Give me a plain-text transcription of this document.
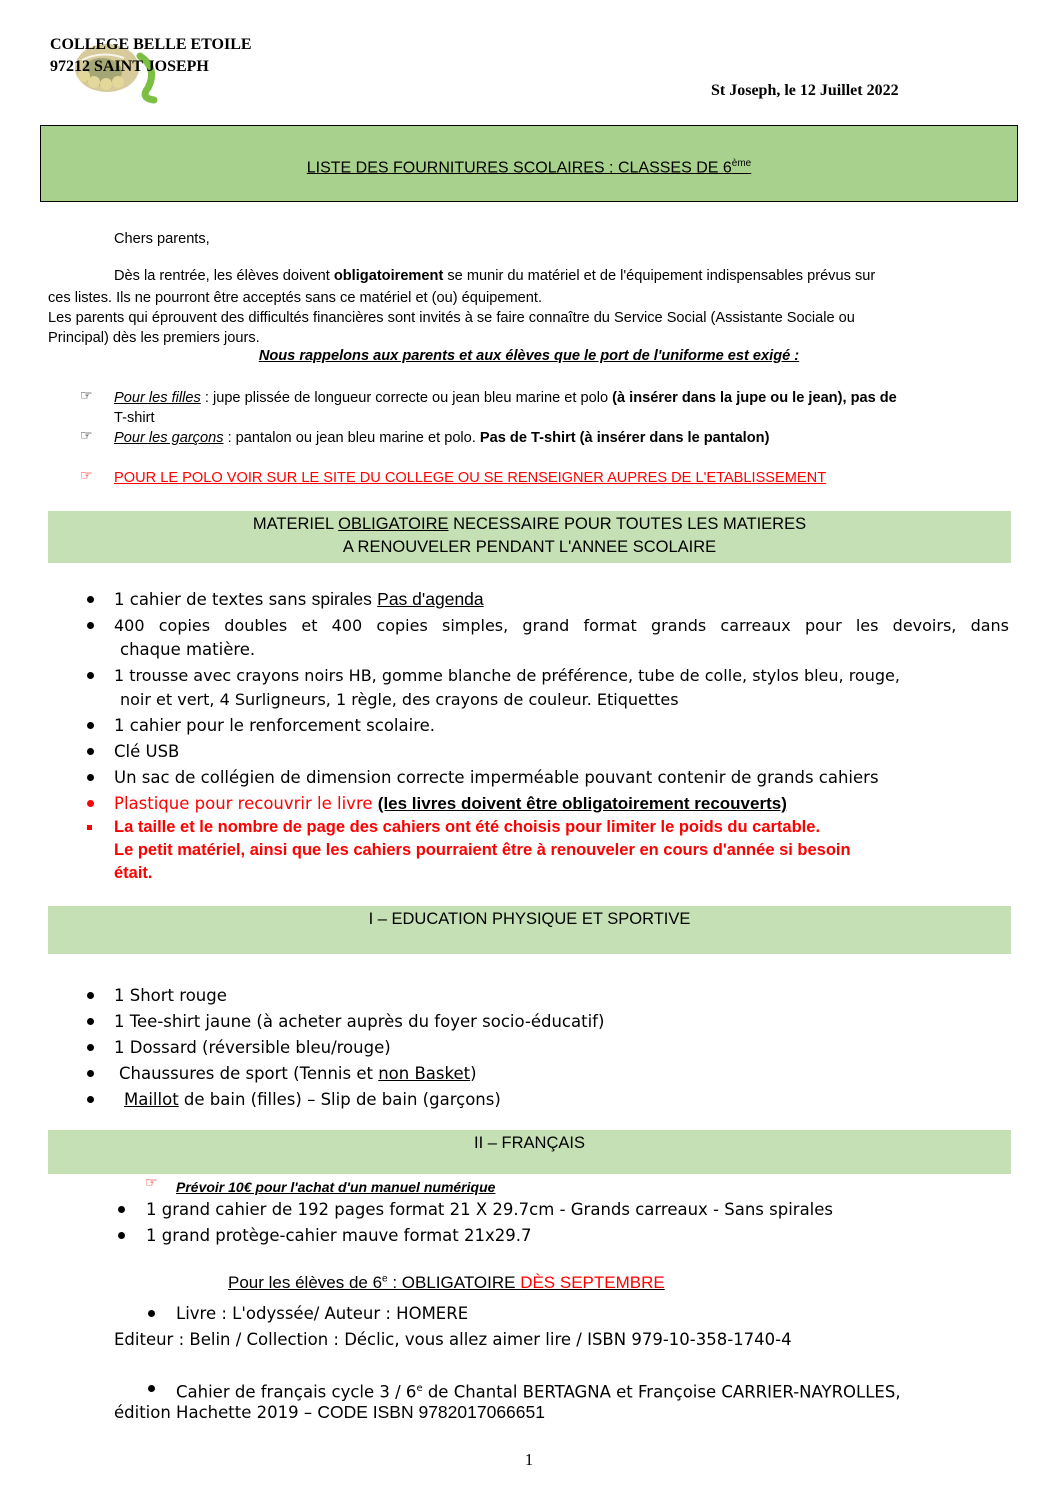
COLLEGE BELLE ETOILE
97212 SAINT JOSEPH
St Joseph, le 12 Juillet 2022
LISTE DES FOURNITURES SCOLAIRES : CLASSES DE 6ème
Chers parents,
Dès la rentrée, les élèves doivent obligatoirement se munir du matériel et de l'équipement indispensables prévus sur
ces listes. Ils ne pourront être acceptés sans ce matériel et (ou) équipement.
Les parents qui éprouvent des difficultés financières sont invités à se faire connaître du Service Social (Assistante Sociale ou
Principal) dès les premiers jours.
Nous rappelons aux parents et aux élèves que le port de l'uniforme est exigé :
☞ Pour les filles : jupe plissée de longueur correcte ou jean bleu marine et polo (à insérer dans la jupe ou le jean), pas de
T-shirt
☞ Pour les garçons : pantalon ou jean bleu marine et polo. Pas de T-shirt (à insérer dans le pantalon)
☞ POUR LE POLO VOIR SUR LE SITE DU COLLEGE OU SE RENSEIGNER AUPRES DE L'ETABLISSEMENT
MATERIEL OBLIGATOIRE NECESSAIRE POUR TOUTES LES MATIERES
A RENOUVELER PENDANT L'ANNEE SCOLAIRE
1 cahier de textes sans spirales Pas d'agenda
400 copies doubles et 400 copies simples, grand format grands carreaux pour les devoirs, dans
chaque matière.
1 trousse avec crayons noirs HB, gomme blanche de préférence, tube de colle, stylos bleu, rouge,
noir et vert, 4 Surligneurs, 1 règle, des crayons de couleur. Etiquettes
1 cahier pour le renforcement scolaire.
Clé USB
Un sac de collégien de dimension correcte imperméable pouvant contenir de grands cahiers
Plastique pour recouvrir le livre (les livres doivent être obligatoirement recouverts)
La taille et le nombre de page des cahiers ont été choisis pour limiter le poids du cartable.
Le petit matériel, ainsi que les cahiers pourraient être à renouveler en cours d'année si besoin
était.
I – EDUCATION PHYSIQUE ET SPORTIVE
1 Short rouge
1 Tee-shirt jaune (à acheter auprès du foyer socio-éducatif)
1 Dossard (réversible bleu/rouge)
Chaussures de sport (Tennis et non Basket)
Maillot de bain (filles) – Slip de bain (garçons)
II – FRANÇAIS
☞ Prévoir 10€ pour l'achat d'un manuel numérique
1 grand cahier de 192 pages format 21 X 29.7cm - Grands carreaux - Sans spirales
1 grand protège-cahier mauve format 21x29.7
Pour les élèves de 6e : OBLIGATOIRE DÈS SEPTEMBRE
Livre : L'odyssée/ Auteur : HOMERE
Editeur : Belin / Collection : Déclic, vous allez aimer lire / ISBN 979-10-358-1740-4
Cahier de français cycle 3 / 6e de Chantal BERTAGNA et Françoise CARRIER-NAYROLLES,
édition Hachette 2019 – CODE ISBN 9782017066651
1
